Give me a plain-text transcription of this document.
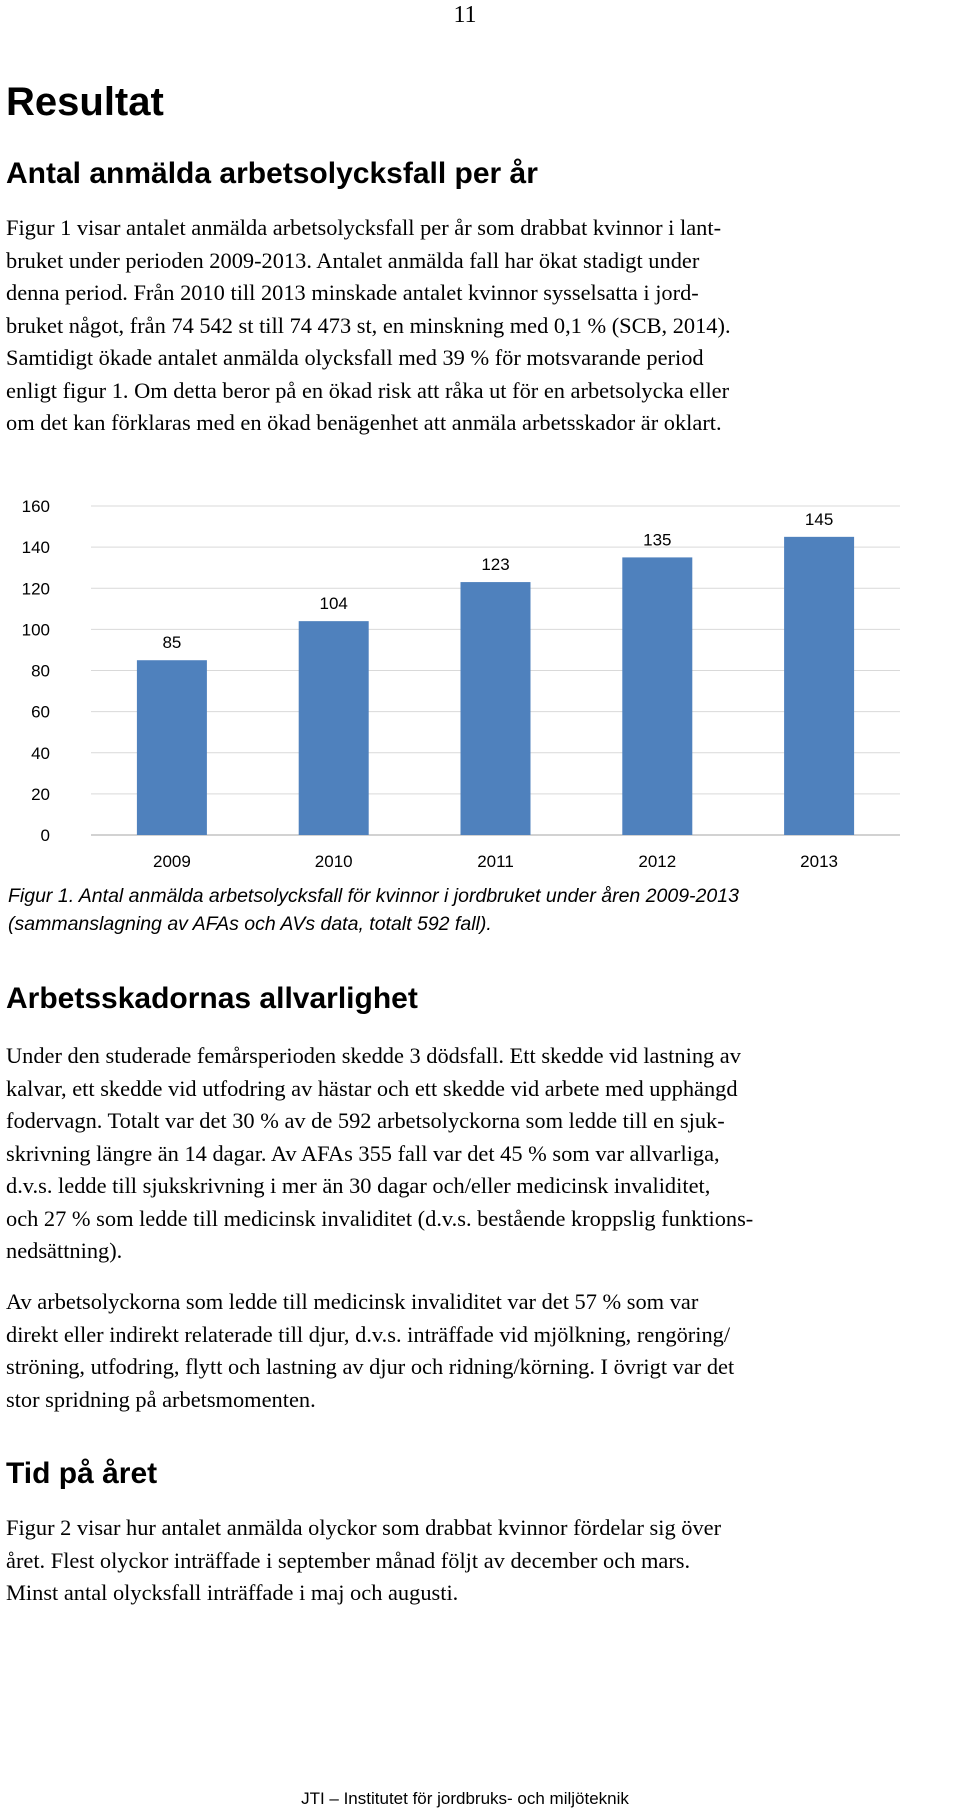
11
Resultat
Antal anmälda arbetsolycksfall per år
Figur 1 visar antalet anmälda arbetsolycksfall per år som drabbat kvinnor i lant-
bruket under perioden 2009-2013. Antalet anmälda fall har ökat stadigt under
denna period. Från 2010 till 2013 minskade antalet kvinnor sysselsatta i jord-
bruket något, från 74 542 st till 74 473 st, en minskning med 0,1 % (SCB, 2014).
Samtidigt ökade antalet anmälda olycksfall med 39 % för motsvarande period
enligt figur 1. Om detta beror på en ökad risk att råka ut för en arbetsolycka eller
om det kan förklaras med en ökad benägenhet att anmäla arbetsskador är oklart.
0
20
40
60
80
100
120
140
160
85
2009
104
2010
123
2011
135
2012
145
2013
Figur 1. Antal anmälda arbetsolycksfall för kvinnor i jordbruket under åren 2009-2013
(sammanslagning av AFAs och AVs data, totalt 592 fall).
Arbetsskadornas allvarlighet
Under den studerade femårsperioden skedde 3 dödsfall. Ett skedde vid lastning av
kalvar, ett skedde vid utfodring av hästar och ett skedde vid arbete med upphängd
fodervagn. Totalt var det 30 % av de 592 arbetsolyckorna som ledde till en sjuk-
skrivning längre än 14 dagar. Av AFAs 355 fall var det 45 % som var allvarliga,
d.v.s. ledde till sjukskrivning i mer än 30 dagar och/eller medicinsk invaliditet,
och 27 % som ledde till medicinsk invaliditet (d.v.s. bestående kroppslig funktions-
nedsättning).
Av arbetsolyckorna som ledde till medicinsk invaliditet var det 57 % som var
direkt eller indirekt relaterade till djur, d.v.s. inträffade vid mjölkning, rengöring/
ströning, utfodring, flytt och lastning av djur och ridning/körning. I övrigt var det
stor spridning på arbetsmomenten.
Tid på året
Figur 2 visar hur antalet anmälda olyckor som drabbat kvinnor fördelar sig över
året. Flest olyckor inträffade i september månad följt av december och mars.
Minst antal olycksfall inträffade i maj och augusti.
JTI – Institutet för jordbruks- och miljöteknik
